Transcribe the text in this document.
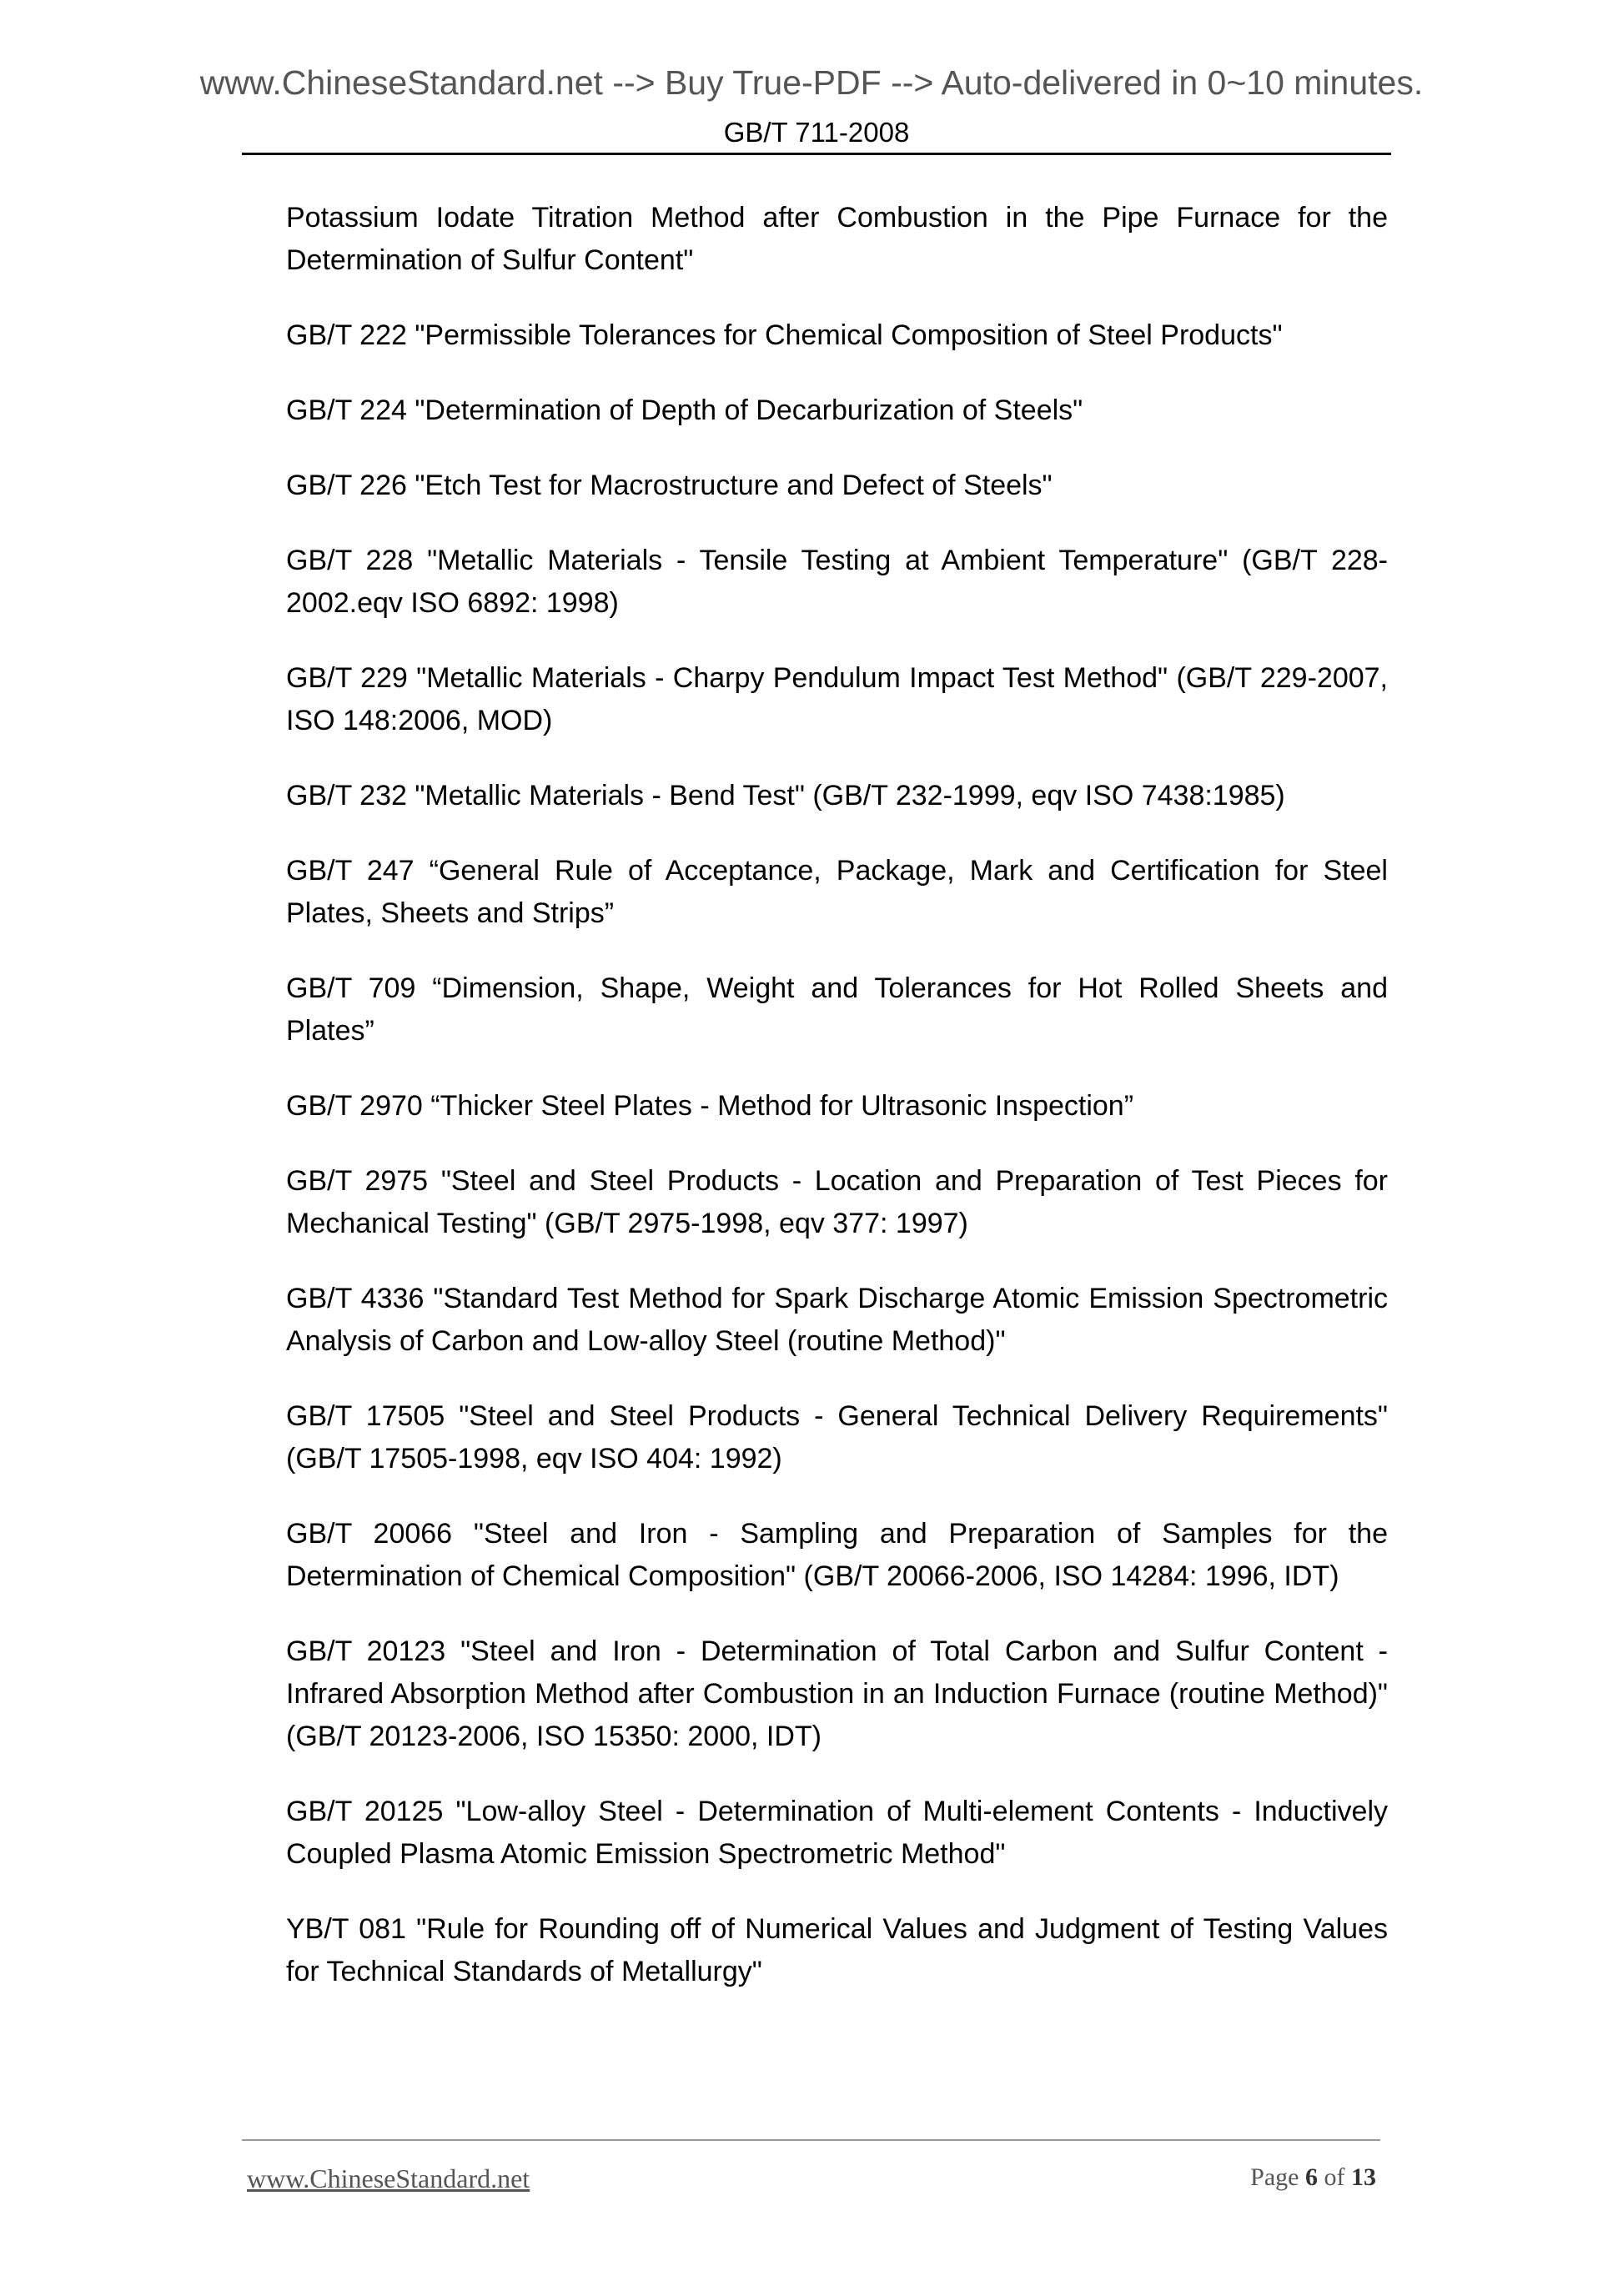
www.ChineseStandard.net --> Buy True-PDF --> Auto-delivered in 0~10 minutes.
GB/T 711-2008

Potassium Iodate Titration Method after Combustion in the Pipe Furnace for the Determination of Sulfur Content"

GB/T 222 "Permissible Tolerances for Chemical Composition of Steel Products"

GB/T 224 "Determination of Depth of Decarburization of Steels"

GB/T 226 "Etch Test for Macrostructure and Defect of Steels"

GB/T 228 "Metallic Materials - Tensile Testing at Ambient Temperature" (GB/T 228-2002.eqv ISO 6892: 1998)

GB/T 229 "Metallic Materials - Charpy Pendulum Impact Test Method" (GB/T 229-2007, ISO 148:2006, MOD)

GB/T 232 "Metallic Materials - Bend Test" (GB/T 232-1999, eqv ISO 7438:1985)

GB/T 247 “General Rule of Acceptance, Package, Mark and Certification for Steel Plates, Sheets and Strips”

GB/T 709 “Dimension, Shape, Weight and Tolerances for Hot Rolled Sheets and Plates”

GB/T 2970 “Thicker Steel Plates - Method for Ultrasonic Inspection”

GB/T 2975 "Steel and Steel Products - Location and Preparation of Test Pieces for Mechanical Testing" (GB/T 2975-1998, eqv 377: 1997)

GB/T 4336 "Standard Test Method for Spark Discharge Atomic Emission Spectrometric Analysis of Carbon and Low-alloy Steel (routine Method)"

GB/T 17505 "Steel and Steel Products - General Technical Delivery Requirements" (GB/T 17505-1998, eqv ISO 404: 1992)

GB/T 20066 "Steel and Iron - Sampling and Preparation of Samples for the Determination of Chemical Composition" (GB/T 20066-2006, ISO 14284: 1996, IDT)

GB/T 20123 "Steel and Iron - Determination of Total Carbon and Sulfur Content - Infrared Absorption Method after Combustion in an Induction Furnace (routine Method)" (GB/T 20123-2006, ISO 15350: 2000, IDT)

GB/T 20125 "Low-alloy Steel - Determination of Multi-element Contents - Inductively Coupled Plasma Atomic Emission Spectrometric Method"

YB/T 081 "Rule for Rounding off of Numerical Values and Judgment of Testing Values for Technical Standards of Metallurgy"

www.ChineseStandard.net	Page 6 of 13
